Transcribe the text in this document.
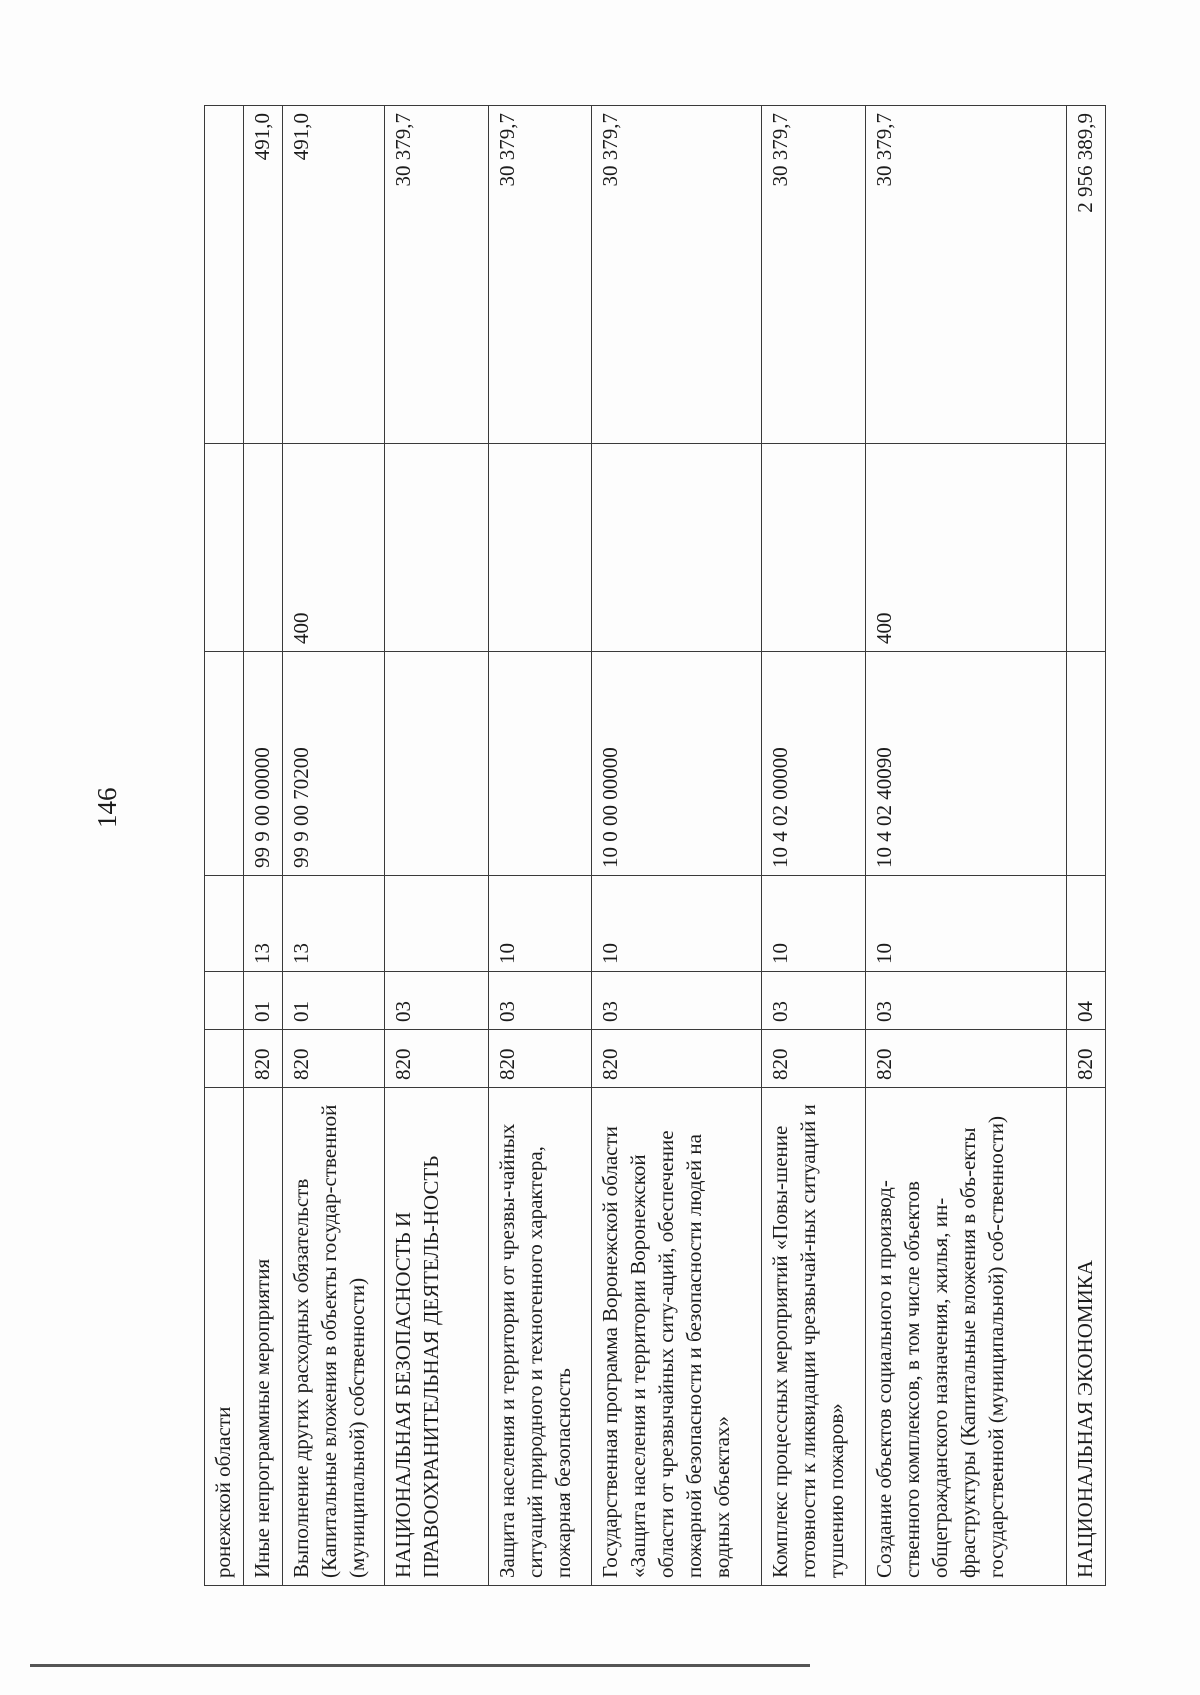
146
ронежской области						
Иные непрограммные мероприятия	820	01	13	99 9 00 00000		491,0
Выполнение других расходных обязательств (Капитальные вложения в объекты государ-ственной (муниципальной) собственности)	820	01	13	99 9 00 70200	400	491,0
НАЦИОНАЛЬНАЯ БЕЗОПАСНОСТЬ И ПРАВООХРАНИТЕЛЬНАЯ ДЕЯТЕЛЬ-НОСТЬ	820	03				30 379,7
Защита населения и территории от чрезвы-чайных ситуаций природного и техногенного характера, пожарная безопасность	820	03	10			30 379,7
Государственная программа Воронежской области «Защита населения и территории Воронежской области от чрезвычайных ситу-аций, обеспечение пожарной безопасности и безопасности людей на водных объектах»	820	03	10	10 0 00 00000		30 379,7
Комплекс процессных мероприятий «Повы-шение готовности к ликвидации чрезвычай-ных ситуаций и тушению пожаров»	820	03	10	10 4 02 00000		30 379,7
Создание объектов социального и производ-ственного комплексов, в том числе объектов общегражданского назначения, жилья, ин-фраструктуры (Капитальные вложения в объ-екты государственной (муниципальной) соб-ственности)	820	03	10	10 4 02 40090	400	30 379,7
НАЦИОНАЛЬНАЯ ЭКОНОМИКА	820	04				2 956 389,9
